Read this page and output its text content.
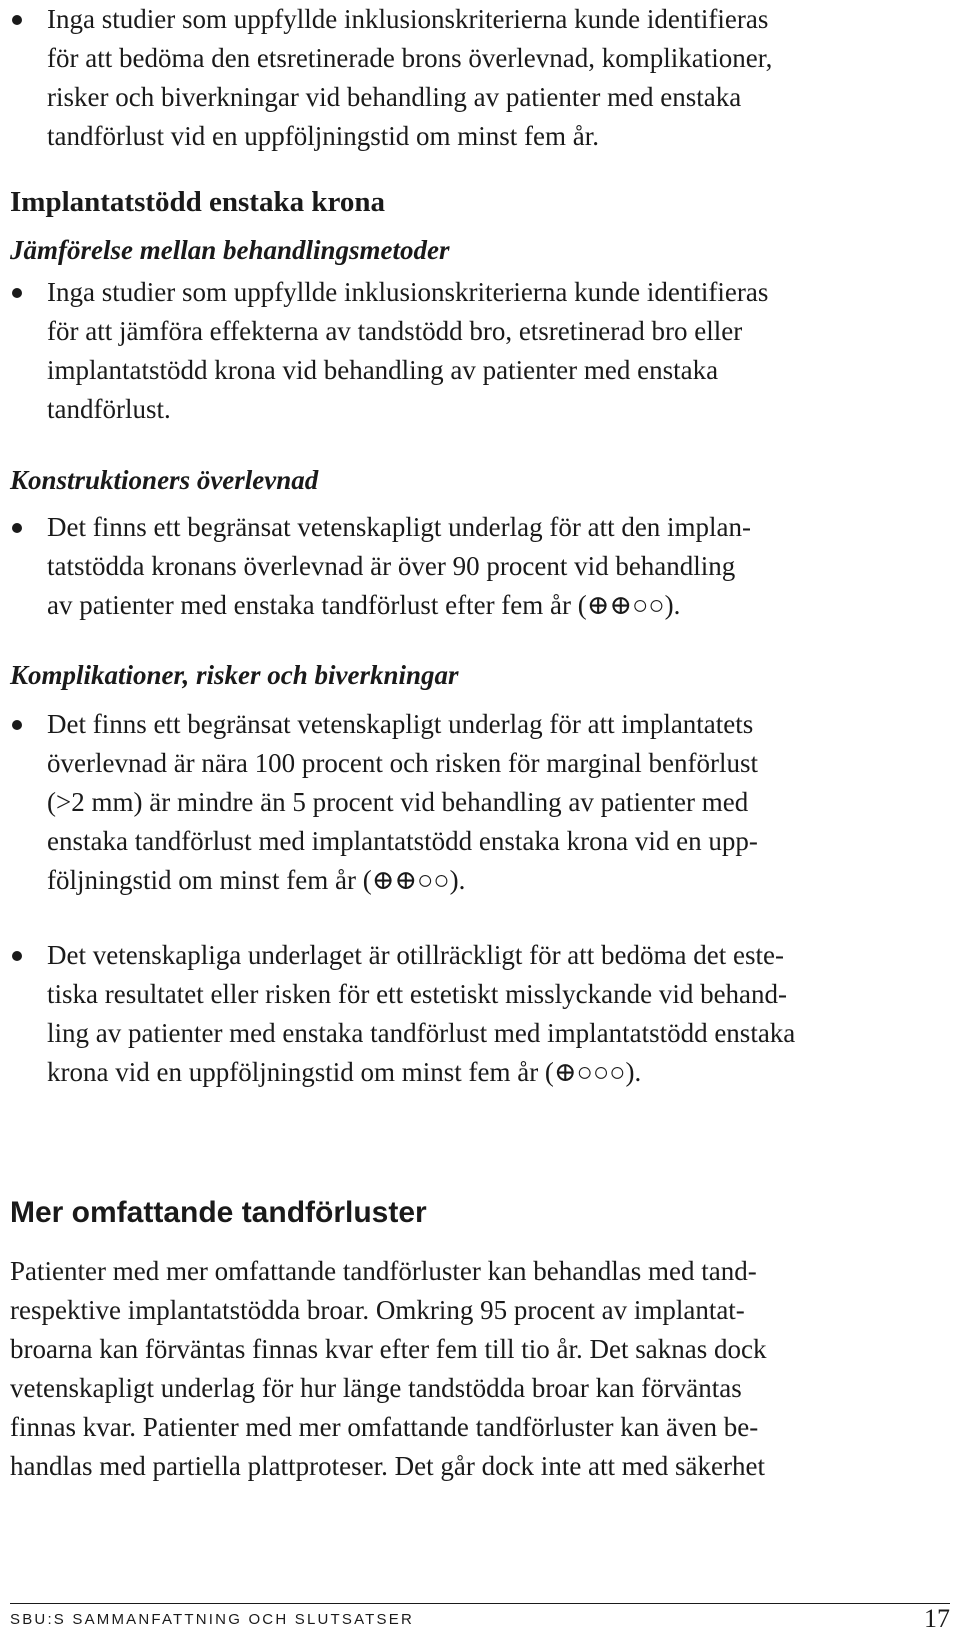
Inga studier som uppfyllde inklusionskriterierna kunde identifieras
för att bedöma den etsretinerade brons överlevnad, komplikationer,
risker och biverkningar vid behandling av patienter med enstaka
tandförlust vid en uppföljningstid om minst fem år.
Implantatstödd enstaka krona
Jämförelse mellan behandlingsmetoder
Inga studier som uppfyllde inklusionskriterierna kunde identifieras
för att jämföra effekterna av tandstödd bro, etsretinerad bro eller
implantatstödd krona vid behandling av patienter med enstaka
tandförlust.
Konstruktioners överlevnad
Det finns ett begränsat vetenskapligt underlag för att den implan-
tatstödda kronans överlevnad är över 90 procent vid behandling
av patienter med enstaka tandförlust efter fem år (⊕⊕○○).
Komplikationer, risker och biverkningar
Det finns ett begränsat vetenskapligt underlag för att implantatets
överlevnad är nära 100 procent och risken för marginal benförlust
(>2 mm) är mindre än 5 procent vid behandling av patienter med
enstaka tandförlust med implantatstödd enstaka krona vid en upp-
följningstid om minst fem år (⊕⊕○○).
Det vetenskapliga underlaget är otillräckligt för att bedöma det este-
tiska resultatet eller risken för ett estetiskt misslyckande vid behand-
ling av patienter med enstaka tandförlust med implantatstödd enstaka
krona vid en uppföljningstid om minst fem år (⊕○○○).
Mer omfattande tandförluster

Patienter med mer omfattande tandförluster kan behandlas med tand-
respektive implantatstödda broar. Omkring 95 procent av implantat-
broarna kan förväntas finnas kvar efter fem till tio år. Det saknas dock
vetenskapligt underlag för hur länge tandstödda broar kan förväntas
finnas kvar. Patienter med mer omfattande tandförluster kan även be-
handlas med partiella plattproteser. Det går dock inte att med säkerhet

SBU:S SAMMANFATTNING OCH SLUTSATSER	17
